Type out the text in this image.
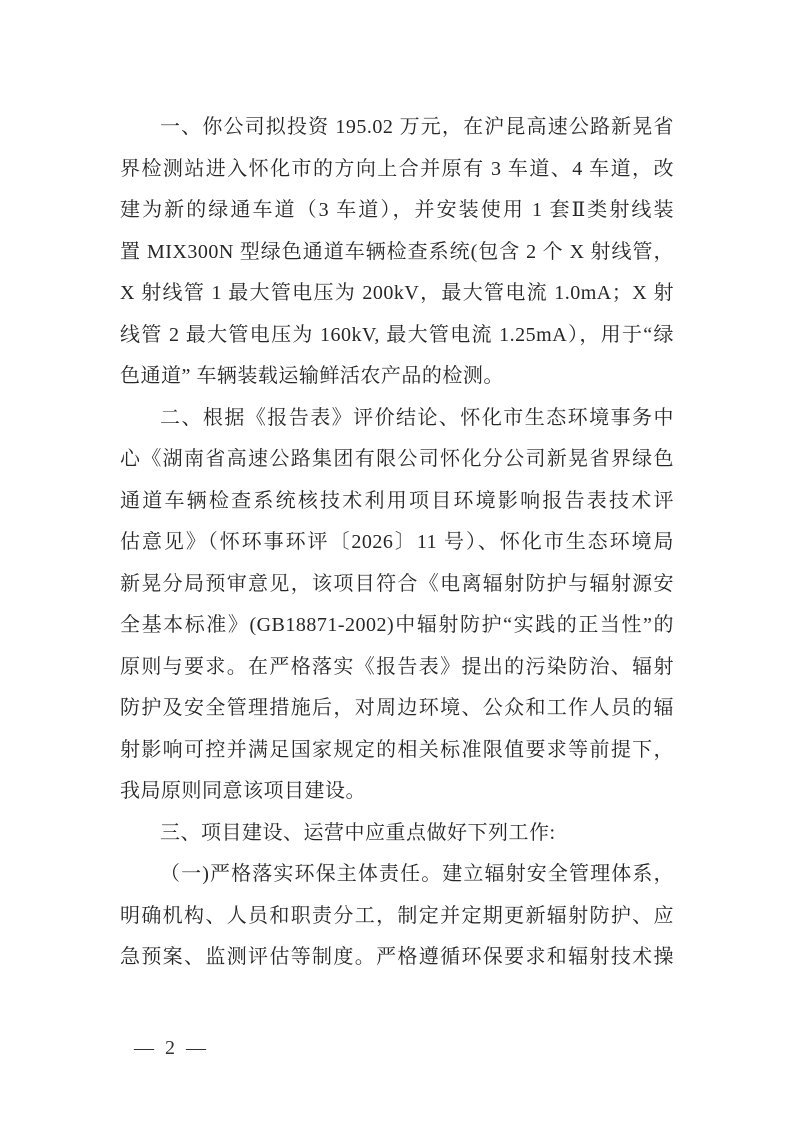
一、你公司拟投资 195.02 万元，在沪昆高速公路新晃省
界检测站进入怀化市的方向上合并原有 3 车道、4 车道，改
建为新的绿通车道（3 车道），并安装使用 1 套Ⅱ类射线装
置 MIX300N 型绿色通道车辆检查系统(包含 2 个 X 射线管，
X 射线管 1 最大管电压为 200kV，最大管电流 1.0mA；X 射
线管 2 最大管电压为 160kV, 最大管电流 1.25mA），用于“绿
色通道” 车辆装载运输鲜活农产品的检测。
二、根据《报告表》评价结论、怀化市生态环境事务中
心《湖南省高速公路集团有限公司怀化分公司新晃省界绿色
通道车辆检查系统核技术利用项目环境影响报告表技术评
估意见》（怀环事环评〔2026〕11 号）、怀化市生态环境局
新晃分局预审意见，该项目符合《电离辐射防护与辐射源安
全基本标准》(GB18871-2002)中辐射防护“实践的正当性”的
原则与要求。在严格落实《报告表》提出的污染防治、辐射
防护及安全管理措施后，对周边环境、公众和工作人员的辐
射影响可控并满足国家规定的相关标准限值要求等前提下，
我局原则同意该项目建设。
三、项目建设、运营中应重点做好下列工作:
（一)严格落实环保主体责任。建立辐射安全管理体系，
明确机构、人员和职责分工，制定并定期更新辐射防护、应
急预案、监测评估等制度。严格遵循环保要求和辐射技术操
— 2 —
